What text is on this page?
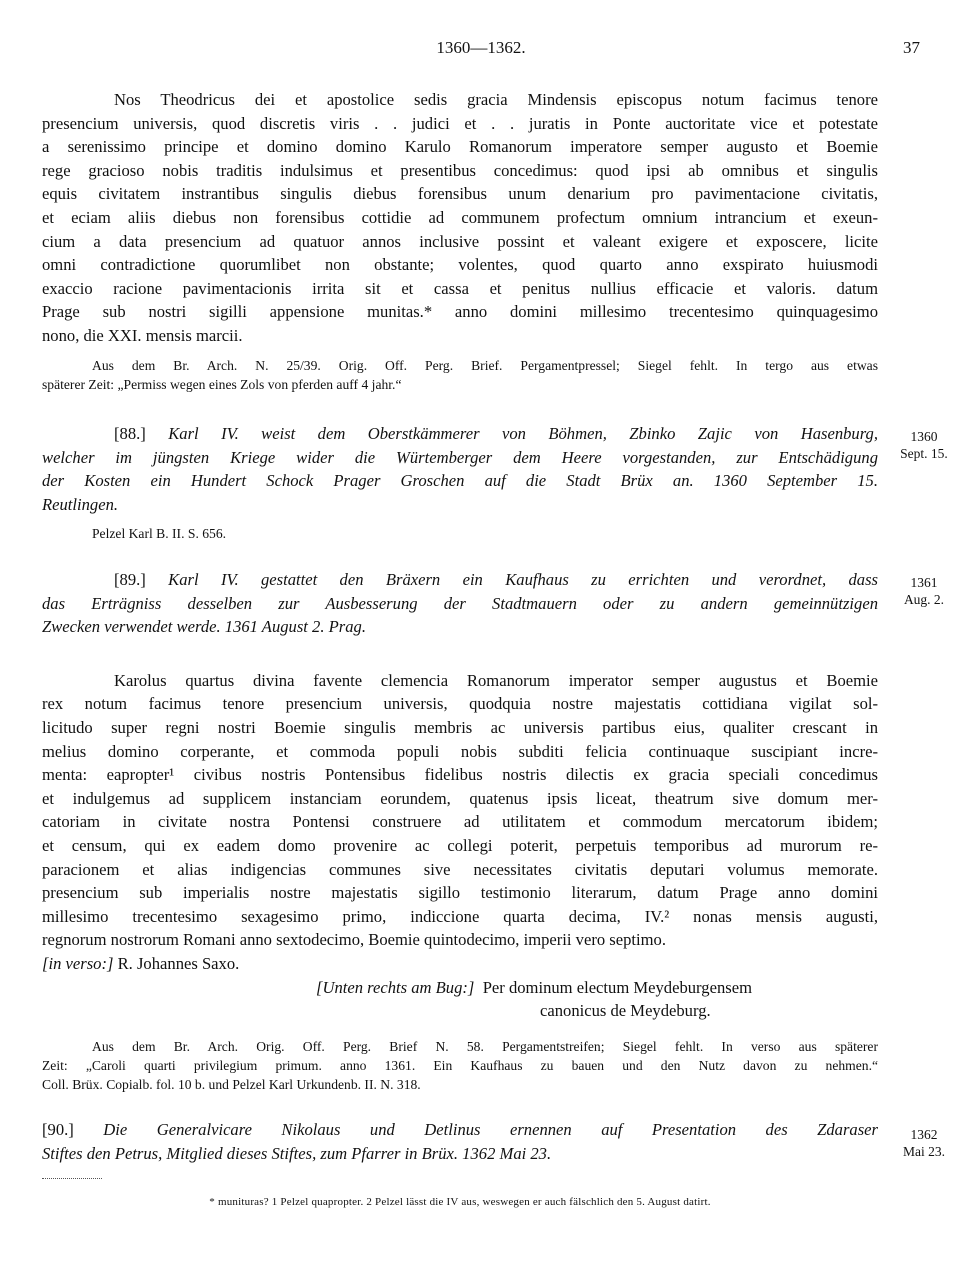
1360—1362.	37

Nos Theodricus dei et apostolice sedis gracia Mindensis episcopus notum facimus tenore

presencium universis, quod discretis viris . . judici et . . juratis in Ponte auctoritate vice et potestate

a serenissimo principe et domino domino Karulo Romanorum imperatore semper augusto et Boemie

rege gracioso nobis traditis indulsimus et presentibus concedimus: quod ipsi ab omnibus et singulis

equis civitatem instrantibus singulis diebus forensibus unum denarium pro pavimentacione civitatis,

et eciam aliis diebus non forensibus cottidie ad communem profectum omnium intrancium et exeun-

cium a data presencium ad quatuor annos inclusive possint et valeant exigere et exposcere, licite

omni contradictione quorumlibet non obstante; volentes, quod quarto anno exspirato huiusmodi

exaccio racione pavimentacionis irrita sit et cassa et penitus nullius efficacie et valoris. datum

Prage sub nostri sigilli appensione munitas.* anno domini millesimo trecentesimo quinquagesimo

nono, die XXI. mensis marcii.

Aus dem Br. Arch. N. 25/39. Orig. Off. Perg. Brief. Pergamentpressel; Siegel fehlt. In tergo aus etwas

späterer Zeit: „Permiss wegen eines Zols von pferden auff 4 jahr.“

[88.] Karl IV. weist dem Oberstkämmerer von Böhmen, Zbinko Zajic von Hasenburg,

welcher im jüngsten Kriege wider die Würtemberger dem Heere vorgestanden, zur Entschädigung

der Kosten ein Hundert Schock Prager Groschen auf die Stadt Brüx an. 1360 September 15.

Reutlingen.

Pelzel Karl B. II. S. 656.

1360
Sept. 15.

[89.] Karl IV. gestattet den Bräxern ein Kaufhaus zu errichten und verordnet, dass

das Erträgniss desselben zur Ausbesserung der Stadtmauern oder zu andern gemeinnützigen

Zwecken verwendet werde. 1361 August 2. Prag.

Karolus quartus divina favente clemencia Romanorum imperator semper augustus et Boemie

rex notum facimus tenore presencium universis, quodquia nostre majestatis cottidiana vigilat sol-

licitudo super regni nostri Boemie singulis membris ac universis partibus eius, qualiter crescant in

melius domino corperante, et commoda populi nobis subditi felicia continuaque suscipiant incre-

menta: eapropter¹ civibus nostris Pontensibus fidelibus nostris dilectis ex gracia speciali concedimus

et indulgemus ad supplicem instanciam eorundem, quatenus ipsis liceat, theatrum sive domum mer-

catoriam in civitate nostra Pontensi construere ad utilitatem et commodum mercatorum ibidem;

et censum, qui ex eadem domo provenire ac collegi poterit, perpetuis temporibus ad murorum re-

paracionem et alias indigencias communes sive necessitates civitatis deputari volumus memorate.

presencium sub imperialis nostre majestatis sigillo testimonio literarum, datum Prage anno domini

millesimo trecentesimo sexagesimo primo, indiccione quarta decima, IV.² nonas mensis augusti,

regnorum nostrorum Romani anno sextodecimo, Boemie quintodecimo, imperii vero septimo.

[in verso:] R. Johannes Saxo.

[Unten rechts am Bug:] Per dominum electum Meydeburgensem

canonicus de Meydeburg.

Aus dem Br. Arch. Orig. Off. Perg. Brief N. 58. Pergamentstreifen; Siegel fehlt. In verso aus späterer

Zeit: „Caroli quarti privilegium primum. anno 1361. Ein Kaufhaus zu bauen und den Nutz davon zu nehmen.“

Coll. Brüx. Copialb. fol. 10 b. und Pelzel Karl Urkundenb. II. N. 318.

1361
Aug. 2.

[90.] Die Generalvicare Nikolaus und Detlinus ernennen auf Presentation des Zdaraser

Stiftes den Petrus, Mitglied dieses Stiftes, zum Pfarrer in Brüx. 1362 Mai 23.

1362
Mai 23.
* munituras? 1 Pelzel quapropter. 2 Pelzel lässt die IV aus, weswegen er auch fälschlich den 5. August datirt.
